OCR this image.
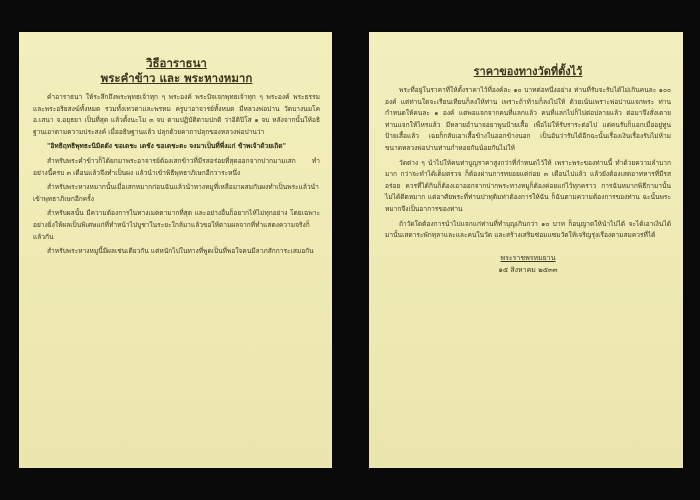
วิธีอาราธนา

พระคำข้าว และ พระหางหมาก

คำอาราธนา ให้ระลึกถึงพระพุทธเจ้าทุก ๆ พระองค์ พระปัจเจกพุทธเจ้าทุก ๆ พระองค์ พระธรรม และพระอริยสงฆ์ทั้งหมด รวมทั้งเทวดาและพรหม ครูบาอาจารย์ทั้งหมด มีหลวงพ่อปาน วัดบางนมโค อ.เสนา จ.อยุธยา เป็นที่สุด แล้วตั้งนะโม ๓ จบ ตามปฏิบัติตามปกติ ว่าอิติปิโส ๑ จบ หลังจากนั้นให้อธิฐานเอาตามความประสงค์ เมื่ออธิษฐานแล้ว ปลุกด้วยคาถาปลุกของหลวงพ่อปานว่า

"อิทธิฤทธิพุทธะนิมิตตัง ขอเดชะ เดชัง ขอเดชะตะ จงมาเป็นที่พึ่งแก่ ข้าพเจ้าด้วยเถิด"

สำหรับพระคำข้าวก็ได้ยกมาพระอาจารย์ต้องเสกข้าวที่มีรสอร่อยที่สุดออกจากปากมามเสก ทำอย่างนี้ครบ ๓ เดือนแล้วจึงทำเป็นผง แล้วนำเข้าพิธีพุทธาภิเษกอีกวาระหนึ่ง

สำหรับพระหางหมากนั้นเมื่อเสกหมากก่อนฉันแล้วนำหางหมูที่เหลือมาผสมกับผงทำเป็นพระแล้วนำเข้าพุทธาภิเษกอีกครั้ง

สำหรับผลนั้น มีความต้องการในทางเมตตามากที่สุด และอย่างอื่นก็อยากไห้ไม่ทุกอย่าง โดยเฉพาะอย่างยิ่งให้ผลเป็นพิเศษแก่ที่ทำหน้าไปบูชาในระยะใกล้มาแล้วขอให้ตามผลจากที่ทำแสดงความจริงก็แล้วกัน

สำหรับพระหางหมูนี้มีผลเช่นเดียวกัน แต่หนักไปในทางที่พูดเป็นที่พอใจคนมีลาภสักการะเสมอกัน

ราคาของทางวัดที่ตั้งไว้

พระที่อยู่ในราคาที่ให้ตั้งราคาไว้ที่องค์ละ ๑๐ บาทต่อหนึ่งอย่าง ท่านที่รับจะรับได้ไม่เกินคนละ ๑๐๐ องค์ แต่ท่านใดจะเรียนเทียนก็ลงให้ท่าน เพราะถ้าท้ามก็ลงไปให้ ด้วยเน้นเพราะพ่อปานแจกพระ ท่านกำหนดให้คนละ ๑ องค์ แต่พอแจกจากคนที่แลกแล้ว คนที่แลกไปก็ไปต่อปลายแล้ว ต่อมาจึงสั่งเดาย ท่านแจกให้ไหรแล้ว มีหลายอำนาจอยาพูนป้ายเสื้อ เพื่อไม่ให้รับราระต่อไป แต่คนรับก็แอกเมื่ออยู่ทูนป้ายเสื้อแล้ว เฉยก็กลับเอาเสื้อข้างในออกข้างนอก เป็นอันว่ารับได้อีกฉะนั้นเรื่องเงินเรื่องรับไม่ห้าม ขนาดหลวงพ่อปานท่านกำหอยกันน้อยกันไม่ให้

วัดต่าง ๆ นำไปให้คนท่าบูญราคาสูงกว่าที่กำหนดไว้ให้ เพราะพระของท่านนี้ ทำด้วยความลำบากมาก กว่าจะทำได้เต็มตรวจ ก็ต้องผ่านการทยอยแต่ก่อย ๓ เดือนไปแล้ว แล้วยังต้องเสดอาทหารที่มีรสอร่อย ควรที่ได้กินก็ต้องเอาออกจากปากพระทางหมูก็ต้องค่อยแก่ไว้ทุกคราว การฉันหมากพิธีกามานั้นไม่ได้ติดหมาก แต่อาศัยพระที่ท่านปาทุติมท่าต้องการให้ฉัน ก็ฉันตามความต้องการของท่าน ฉะนั้นพระหมากจึงเป็นอาการของท่าน

ถ้าวัดใดต้องการนำไปแจกแก่ท่านที่ทำบุญเกินกว่า ๑๐ บาท ก็อนุญาตให้นำไปได้ จะได้เอาเงินได้มานั้นเสดาระพักทุลาและและคนในวัด และสร้างเสริมซ่อมแซมวัดให้เจริญรุ่งเรืองตามสมควรที่ได้

พระราชพรหมยาน
๑๕ สิงหาคม ๒๕๓๓
